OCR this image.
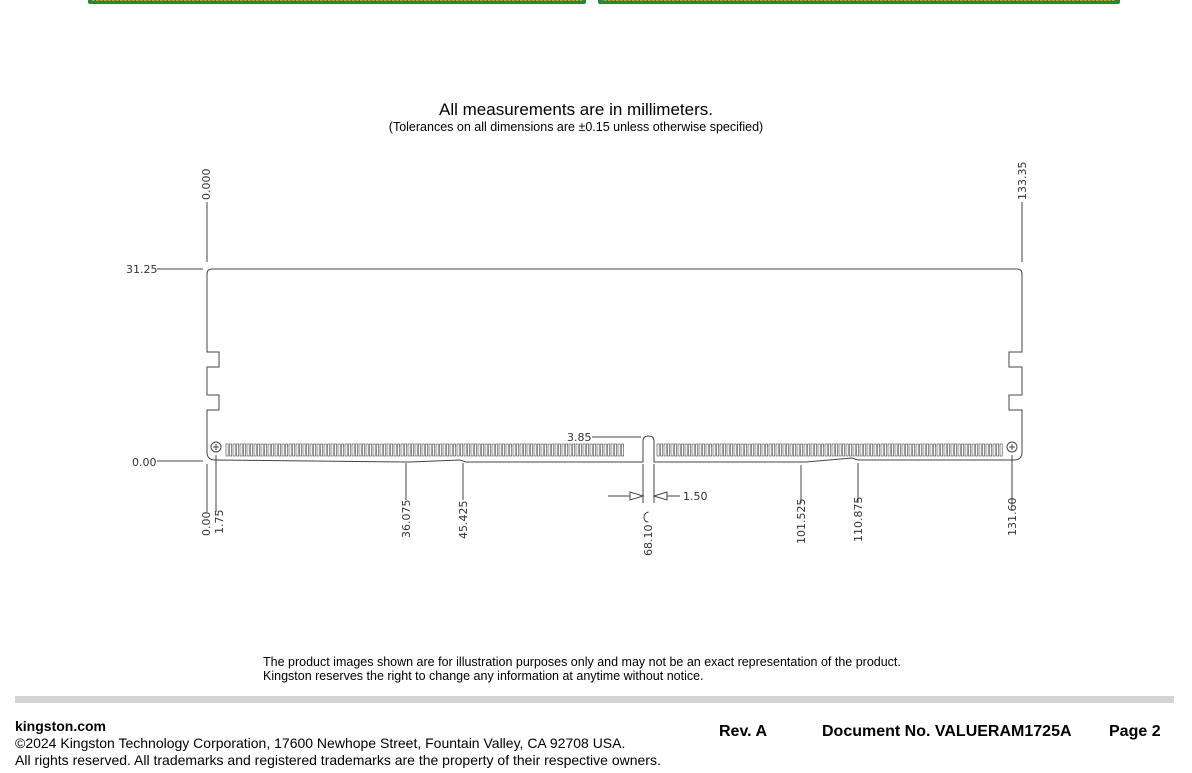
All measurements are in millimeters.
(Tolerances on all dimensions are ±0.15 unless otherwise specified)
0.000	133.35
31.25
0.00
0.00 1.75	36.075	45.425
3.85
1.50
68.10	101.525	110.875	131.60
The product images shown are for illustration purposes only and may not be an exact representation of the product.
Kingston reserves the right to change any information at anytime without notice.
kingston.com
©2024 Kingston Technology Corporation, 17600 Newhope Street, Fountain Valley, CA 92708 USA.
All rights reserved. All trademarks and registered trademarks are the property of their respective owners.
Rev. A	Document No. VALUERAM1725A Page 2
